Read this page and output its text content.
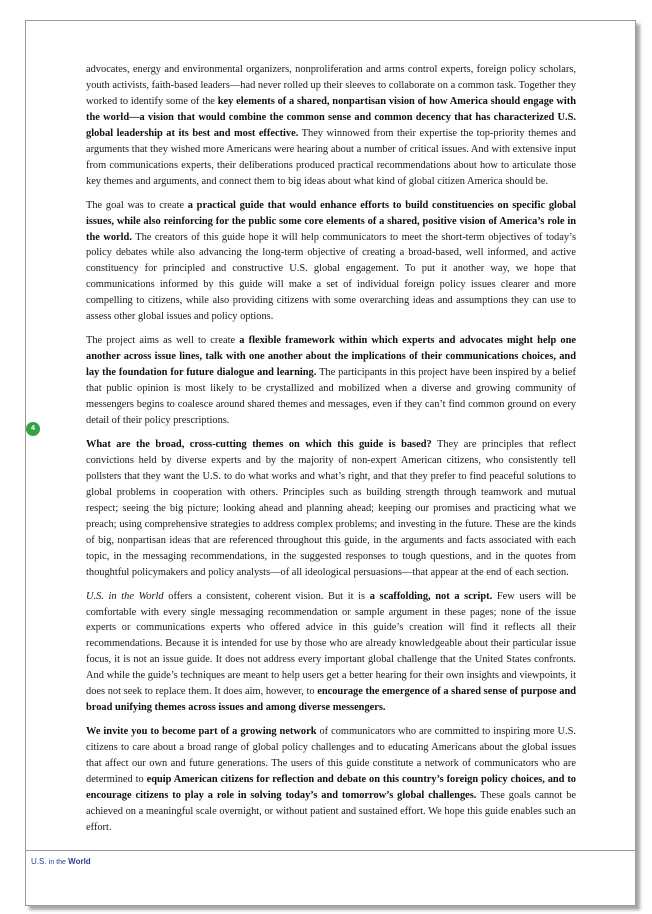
4

advocates, energy and environmental organizers, nonproliferation and arms control experts, foreign policy scholars, youth activists, faith-based leaders—had never rolled up their sleeves to collaborate on a common task. Together they worked to identify some of the key elements of a shared, nonpartisan vision of how America should engage with the world—a vision that would combine the common sense and common decency that has characterized U.S. global leadership at its best and most effective. They winnowed from their expertise the top-priority themes and arguments that they wished more Americans were hearing about a number of critical issues. And with extensive input from communications experts, their deliberations produced practical recommendations about how to articulate those key themes and arguments, and connect them to big ideas about what kind of global citizen America should be.

The goal was to create a practical guide that would enhance efforts to build constituencies on specific global issues, while also reinforcing for the public some core elements of a shared, positive vision of America’s role in the world. The creators of this guide hope it will help communicators to meet the short-term objectives of today’s policy debates while also advancing the long-term objective of creating a broad-based, well informed, and active constituency for principled and constructive U.S. global engagement. To put it another way, we hope that communications informed by this guide will make a set of individual foreign policy issues clearer and more compelling to citizens, while also providing citizens with some overarching ideas and assumptions they can use to assess other global issues and policy options.

The project aims as well to create a flexible framework within which experts and advocates might help one another across issue lines, talk with one another about the implications of their communications choices, and lay the foundation for future dialogue and learning. The participants in this project have been inspired by a belief that public opinion is most likely to be crystallized and mobilized when a diverse and growing community of messengers begins to coalesce around shared themes and messages, even if they can’t find common ground on every detail of their policy prescriptions.

What are the broad, cross-cutting themes on which this guide is based? They are principles that reflect convictions held by diverse experts and by the majority of non-expert American citizens, who consistently tell pollsters that they want the U.S. to do what works and what’s right, and that they prefer to find peaceful solutions to global problems in cooperation with others. Principles such as building strength through teamwork and mutual respect; seeing the big picture; looking ahead and planning ahead; keeping our promises and practicing what we preach; using comprehensive strategies to address complex problems; and investing in the future. These are the kinds of big, nonpartisan ideas that are referenced throughout this guide, in the arguments and facts associated with each topic, in the messaging recommendations, in the suggested responses to tough questions, and in the quotes from thoughtful policymakers and policy analysts—of all ideological persuasions—that appear at the end of each section.

U.S. in the World offers a consistent, coherent vision. But it is a scaffolding, not a script. Few users will be comfortable with every single messaging recommendation or sample argument in these pages; none of the issue experts or communications experts who offered advice in this guide’s creation will find it reflects all their recommendations. Because it is intended for use by those who are already knowledgeable about their particular issue focus, it is not an issue guide. It does not address every important global challenge that the United States confronts. And while the guide’s techniques are meant to help users get a better hearing for their own insights and viewpoints, it does not seek to replace them. It does aim, however, to encourage the emergence of a shared sense of purpose and broad unifying themes across issues and among diverse messengers.

We invite you to become part of a growing network of communicators who are committed to inspiring more U.S. citizens to care about a broad range of global policy challenges and to educating Americans about the global issues that affect our own and future generations. The users of this guide constitute a network of communicators who are determined to equip American citizens for reflection and debate on this country’s foreign policy choices, and to encourage citizens to play a role in solving today’s and tomorrow’s global challenges. These goals cannot be achieved on a meaningful scale overnight, or without patient and sustained effort. We hope this guide enables such an effort.

U.S. in the World
